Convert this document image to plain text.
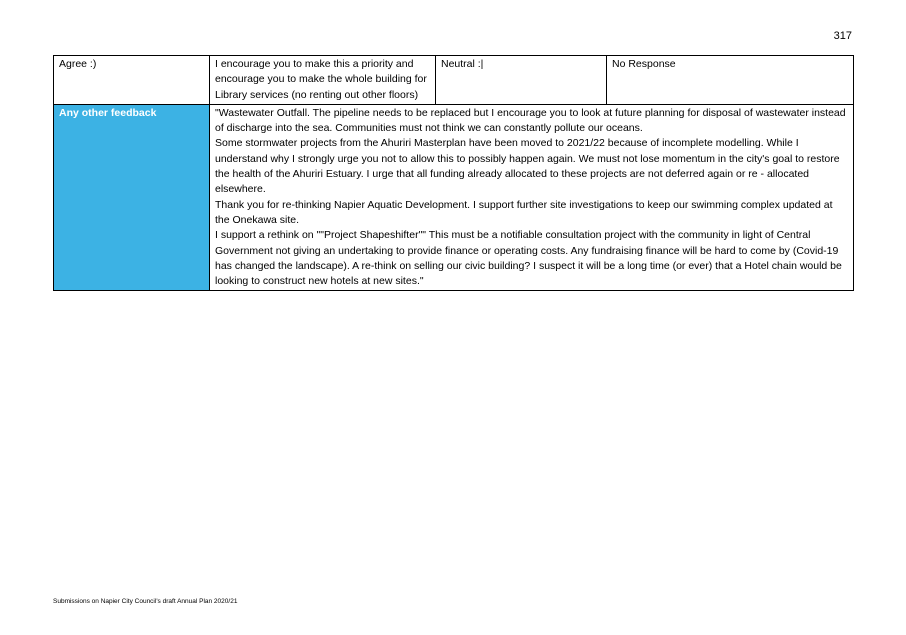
317
Agree :)	I encourage you to make this a priority and encourage you to make the whole building for Library services (no renting out other floors)	Neutral :|	No Response
Any other feedback	"Wastewater Outfall. The pipeline needs to be replaced but I encourage you to look at future planning for disposal of wastewater instead of discharge into the sea. Communities must not think we can constantly pollute our oceans.
Some stormwater projects from the Ahuriri Masterplan have been moved to 2021/22 because of incomplete modelling. While I understand why I strongly urge you not to allow this to possibly happen again. We must not lose momentum in the city's goal to restore the health of the Ahuriri Estuary. I urge that all funding already allocated to these projects are not deferred again or re - allocated elsewhere.
Thank you for re-thinking Napier Aquatic Development. I support further site investigations to keep our swimming complex updated at the Onekawa site.
I support a rethink on ""Project Shapeshifter"" This must be a notifiable consultation project with the community in light of Central Government not giving an undertaking to provide finance or operating costs. Any fundraising finance will be hard to come by (Covid-19 has changed the landscape). A re-think on selling our civic building? I suspect it will be a long time (or ever) that a Hotel chain would be looking to construct new hotels at new sites."		
Submissions on Napier City Council's draft Annual Plan 2020/21
